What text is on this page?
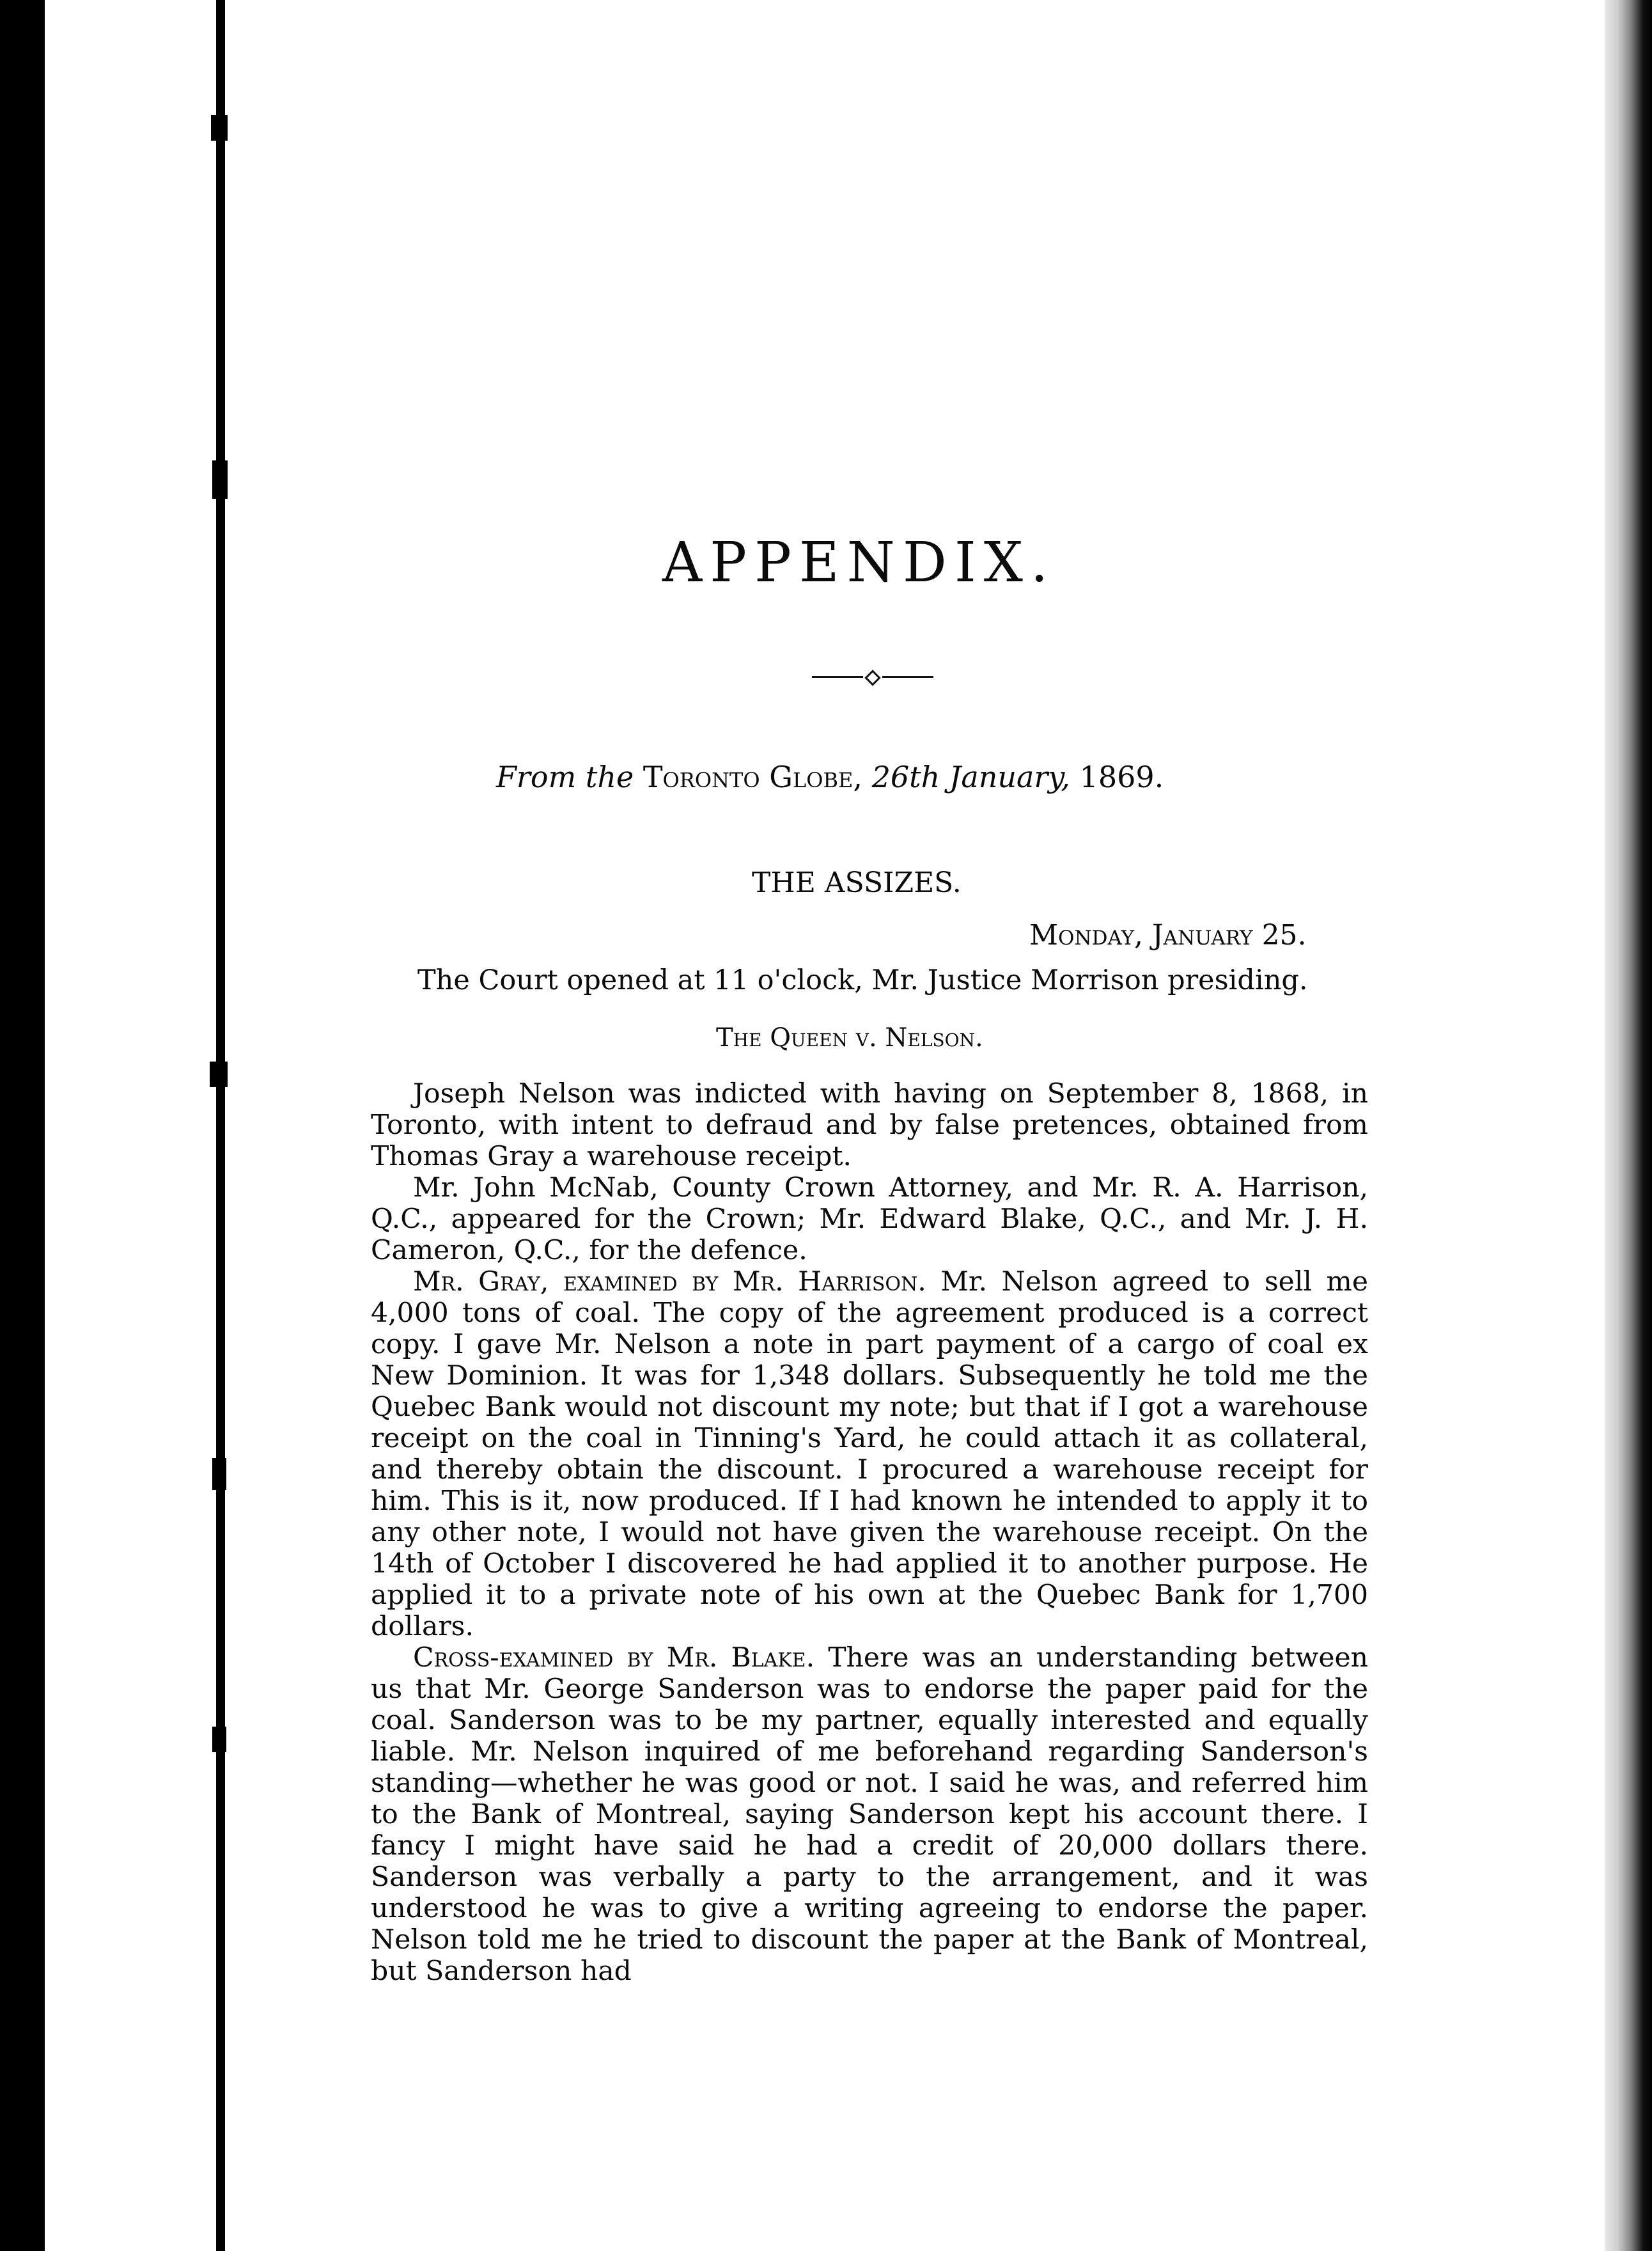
APPENDIX.
From the Toronto Globe, 26th January, 1869.
THE ASSIZES.
Monday, January 25.
The Court opened at 11 o'clock, Mr. Justice Morrison presiding.
The Queen v. Nelson.

Joseph Nelson was indicted with having on September 8, 1868, in Toronto, with intent to defraud and by false pretences, obtained from Thomas Gray a warehouse receipt.

Mr. John McNab, County Crown Attorney, and Mr. R. A. Harrison, Q.C., appeared for the Crown; Mr. Edward Blake, Q.C., and Mr. J. H. Cameron, Q.C., for the defence.

Mr. Gray, examined by Mr. Harrison. Mr. Nelson agreed to sell me 4,000 tons of coal. The copy of the agreement produced is a correct copy. I gave Mr. Nelson a note in part payment of a cargo of coal ex New Dominion. It was for 1,348 dollars. Subsequently he told me the Quebec Bank would not discount my note; but that if I got a warehouse receipt on the coal in Tinning's Yard, he could attach it as collateral, and thereby obtain the discount. I procured a warehouse receipt for him. This is it, now produced. If I had known he intended to apply it to any other note, I would not have given the warehouse receipt. On the 14th of October I discovered he had applied it to another purpose. He applied it to a private note of his own at the Quebec Bank for 1,700 dollars.

Cross-examined by Mr. Blake. There was an understanding between us that Mr. George Sanderson was to endorse the paper paid for the coal. Sanderson was to be my partner, equally interested and equally liable. Mr. Nelson inquired of me beforehand regarding Sanderson's standing—whether he was good or not. I said he was, and referred him to the Bank of Montreal, saying Sanderson kept his account there. I fancy I might have said he had a credit of 20,000 dollars there. Sanderson was verbally a party to the arrangement, and it was understood he was to give a writing agreeing to endorse the paper. Nelson told me he tried to discount the paper at the Bank of Montreal, but Sanderson had
